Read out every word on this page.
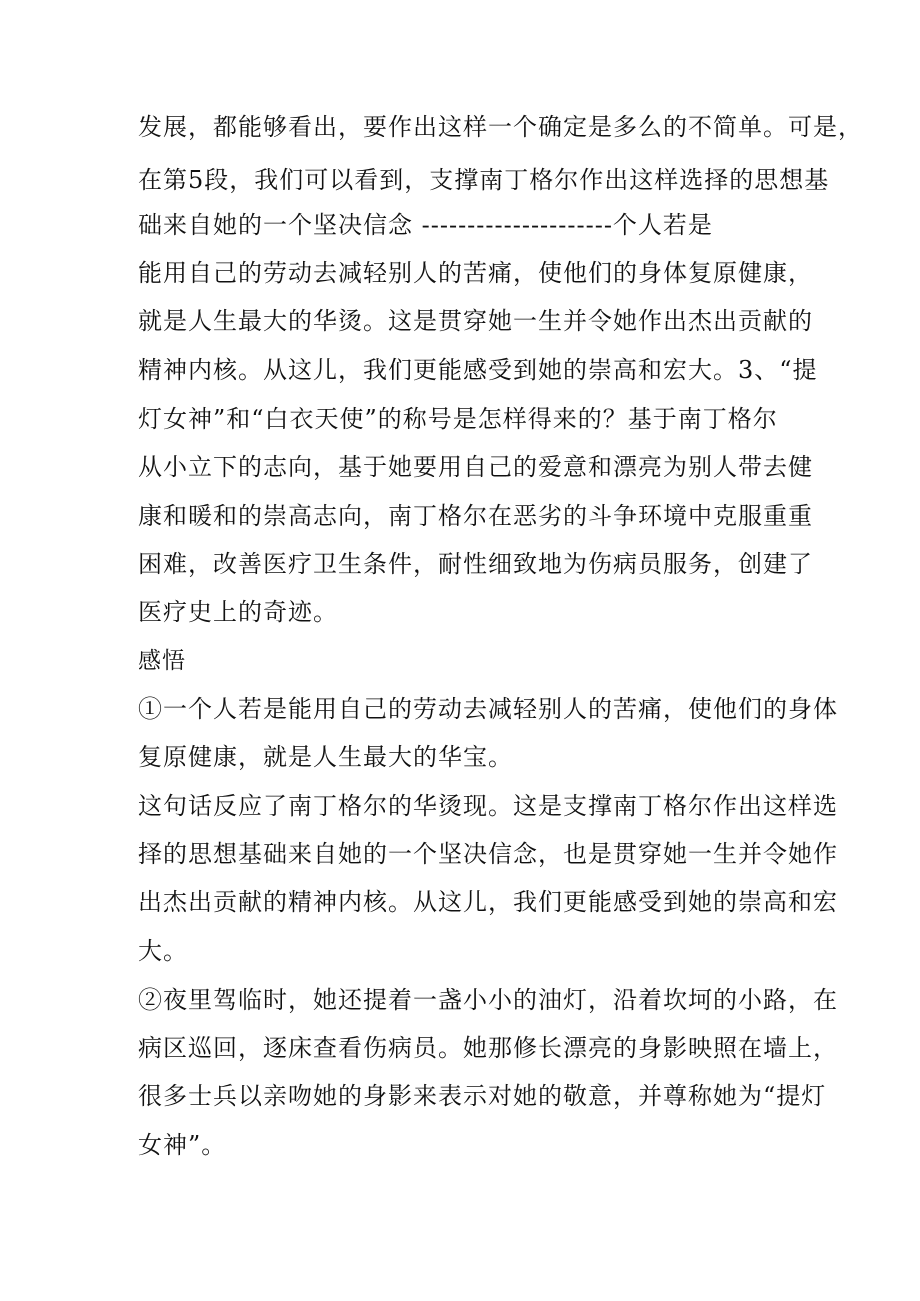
发展，都能够看出，要作出这样一个确定是多么的不简单。可是，
在第5段，我们可以看到，支撑南丁格尔作出这样选择的思想基
础来自她的一个坚决信念 ---------------------个人若是
能用自己的劳动去减轻别人的苦痛，使他们的身体复原健康，
就是人生最大的华烫。这是贯穿她一生并令她作出杰出贡献的
精神内核。从这儿，我们更能感受到她的崇高和宏大。3、“提
灯女神”和“白衣天使”的称号是怎样得来的？基于南丁格尔
从小立下的志向，基于她要用自己的爱意和漂亮为别人带去健
康和暖和的崇高志向，南丁格尔在恶劣的斗争环境中克服重重
困难，改善医疗卫生条件，耐性细致地为伤病员服务，创建了
医疗史上的奇迹。
感悟
①一个人若是能用自己的劳动去减轻别人的苦痛，使他们的身体
复原健康，就是人生最大的华宝。
这句话反应了南丁格尔的华烫现。这是支撑南丁格尔作出这样选
择的思想基础来自她的一个坚决信念，也是贯穿她一生并令她作
出杰出贡献的精神内核。从这儿，我们更能感受到她的崇高和宏
大。
②夜里驾临时，她还提着一盏小小的油灯，沿着坎坷的小路，在
病区巡回，逐床查看伤病员。她那修长漂亮的身影映照在墙上，
很多士兵以亲吻她的身影来表示对她的敬意，并尊称她为“提灯
女神”。
